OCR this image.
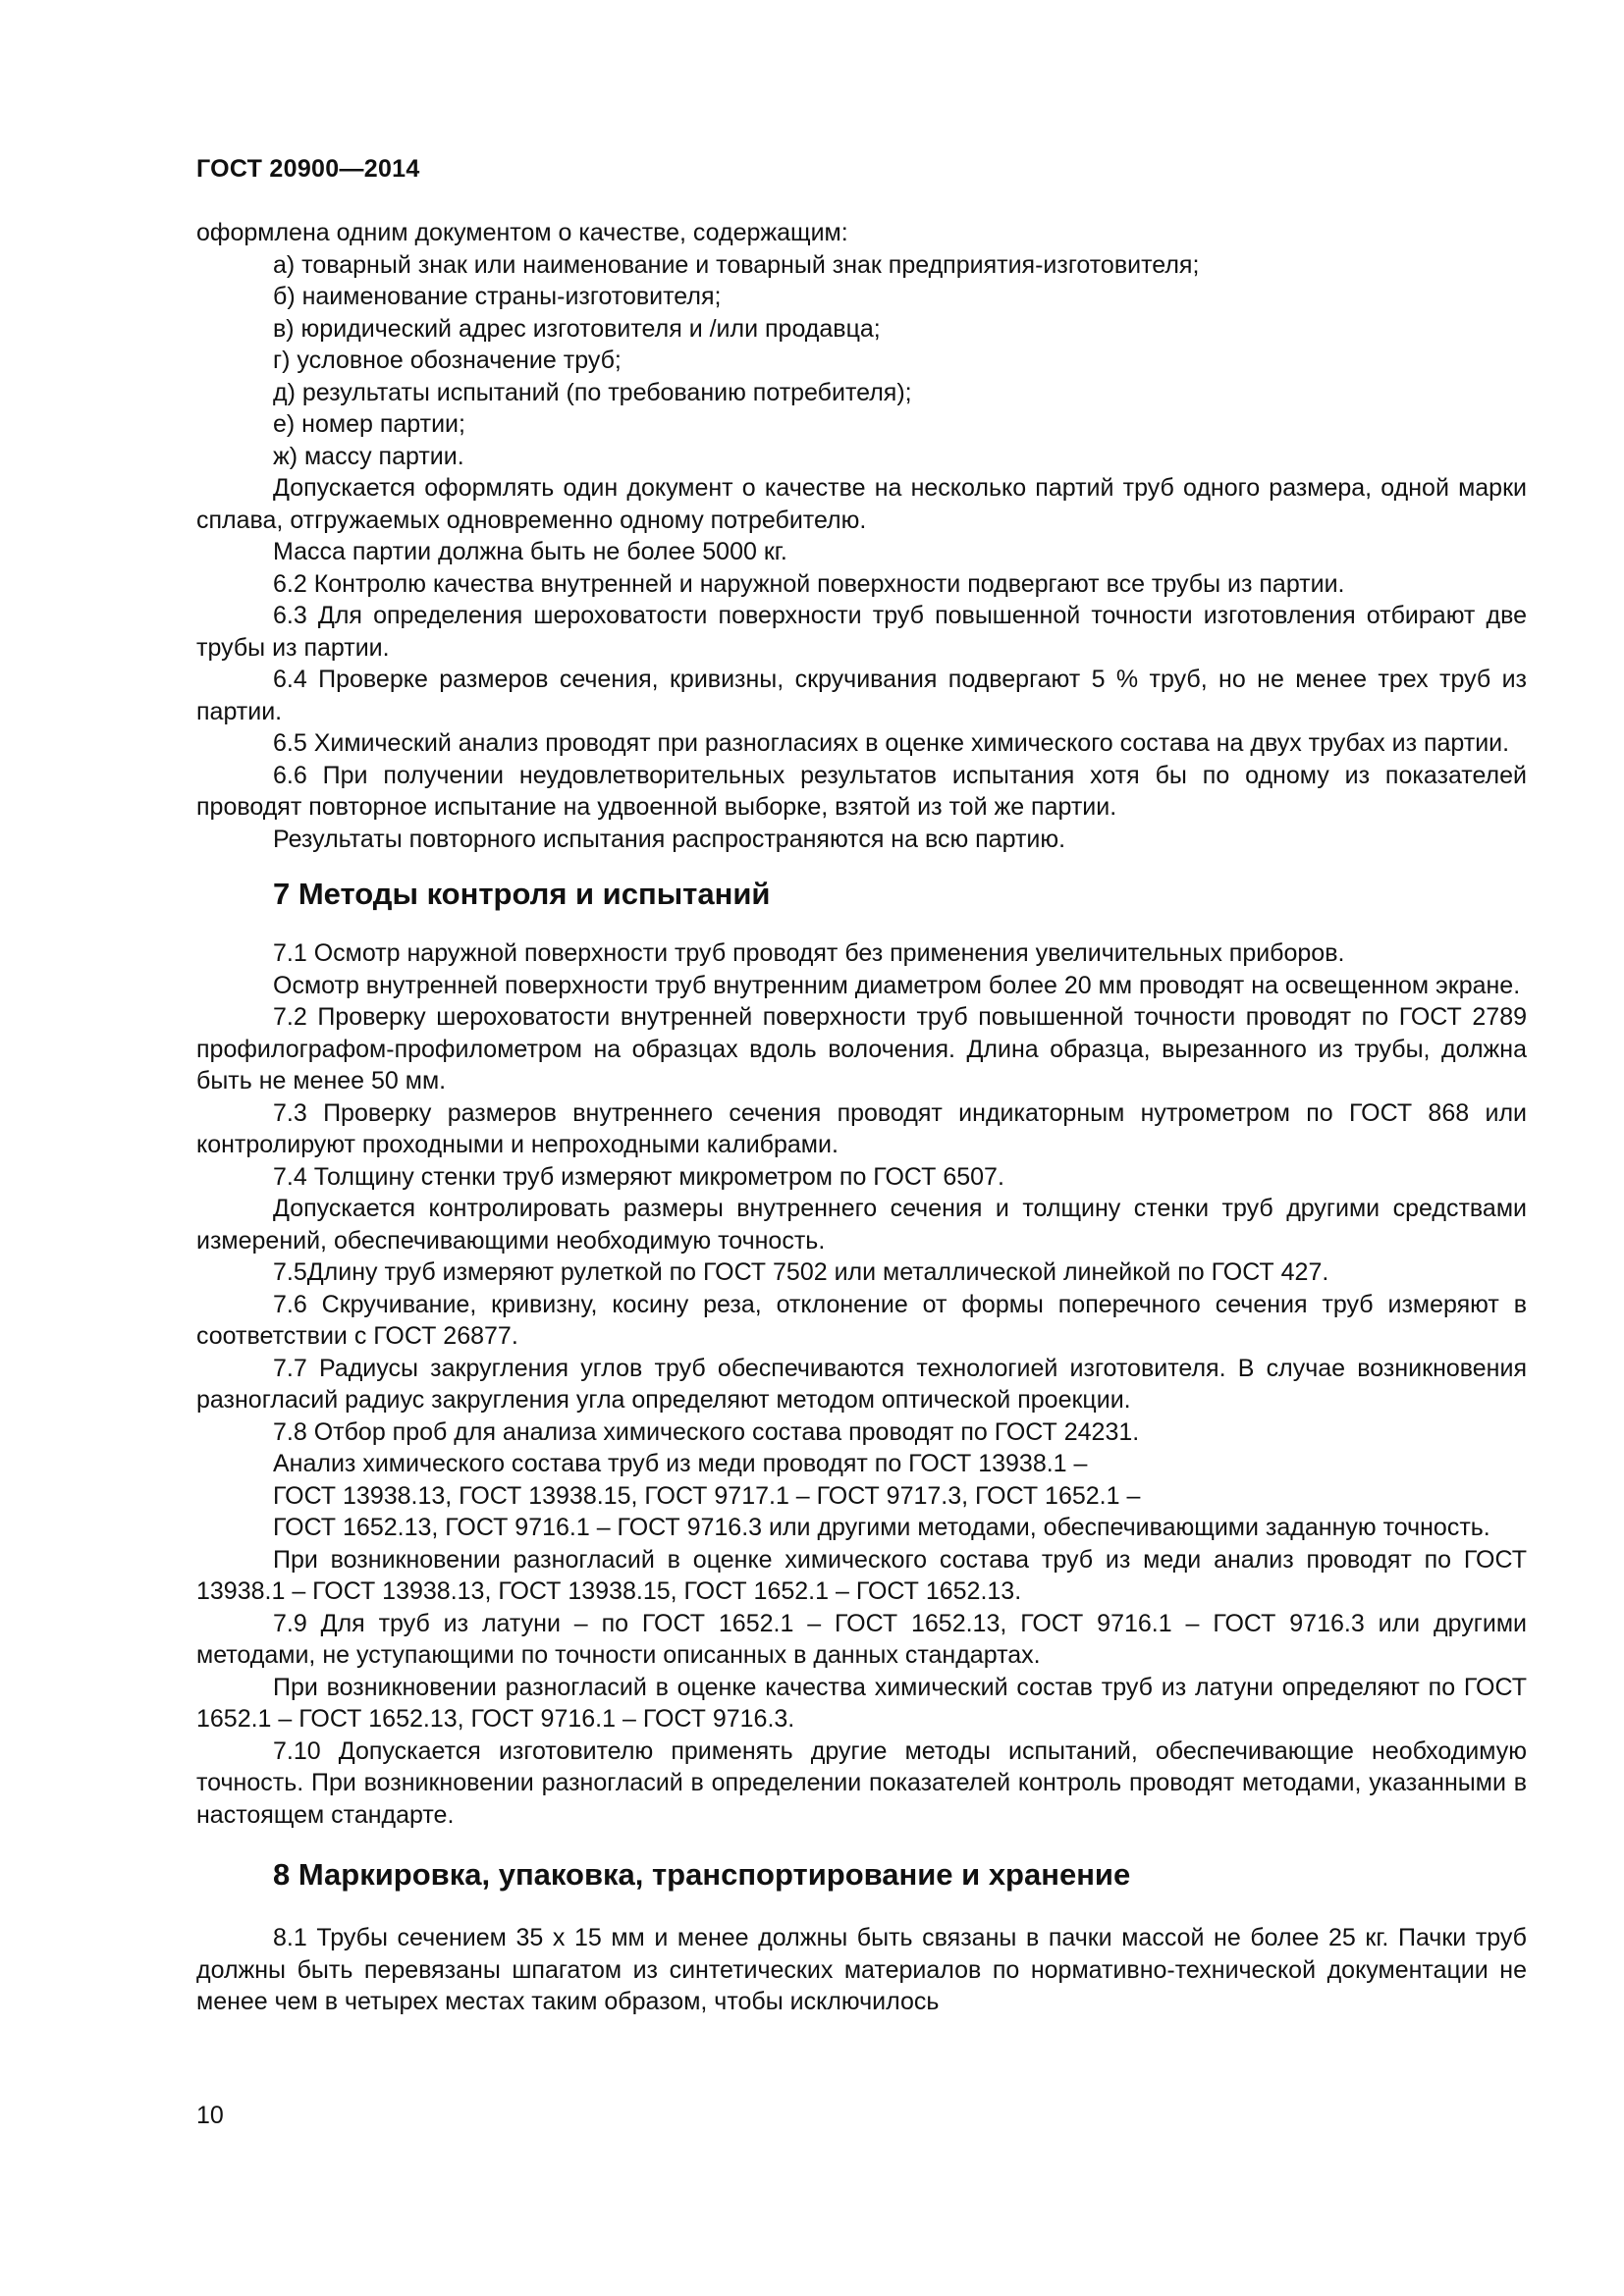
ГОСТ 20900—2014

оформлена одним документом о качестве, содержащим:

а) товарный знак или наименование и товарный знак предприятия-изготовителя;

б) наименование страны-изготовителя;

в) юридический адрес изготовителя и /или продавца;

г) условное обозначение труб;

д) результаты испытаний (по требованию потребителя);

е) номер партии;

ж) массу партии.

Допускается оформлять один документ о качестве на несколько партий труб одного размера, одной марки сплава, отгружаемых одновременно одному потребителю.

Масса партии должна быть не более 5000 кг.

6.2 Контролю качества внутренней и наружной поверхности подвергают все трубы из партии.

6.3 Для определения шероховатости поверхности труб повышенной точности изготовления отбирают две трубы из партии.

6.4 Проверке размеров сечения, кривизны, скручивания подвергают 5 % труб, но не менее трех труб из партии.

6.5 Химический анализ проводят при разногласиях в оценке химического состава на двух трубах из партии.

6.6 При получении неудовлетворительных результатов испытания хотя бы по одному из показателей проводят повторное испытание на удвоенной выборке, взятой из той же партии.

Результаты повторного испытания распространяются на всю партию.

7 Методы контроля и испытаний

7.1 Осмотр наружной поверхности труб проводят без применения увеличительных приборов.

Осмотр внутренней поверхности труб внутренним диаметром более 20 мм проводят на освещенном экране.

7.2 Проверку шероховатости внутренней поверхности труб повышенной точности проводят по ГОСТ 2789 профилографом-профилометром на образцах вдоль волочения. Длина образца, вырезанного из трубы, должна быть не менее 50 мм.

7.3 Проверку размеров внутреннего сечения проводят индикаторным нутрометром по ГОСТ 868 или контролируют проходными и непроходными калибрами.

7.4 Толщину стенки труб измеряют микрометром по ГОСТ 6507.

Допускается контролировать размеры внутреннего сечения и толщину стенки труб другими средствами измерений, обеспечивающими необходимую точность.

7.5Длину труб измеряют рулеткой по ГОСТ 7502 или металлической линейкой по ГОСТ 427.

7.6 Скручивание, кривизну, косину реза, отклонение от формы поперечного сечения труб измеряют в соответствии с ГОСТ 26877.

7.7 Радиусы закругления углов труб обеспечиваются технологией изготовителя. В случае возникновения разногласий радиус закругления угла определяют методом оптической проекции.

7.8 Отбор проб для анализа химического состава проводят по ГОСТ 24231.

Анализ химического состава труб из меди проводят по ГОСТ 13938.1 –

ГОСТ 13938.13, ГОСТ 13938.15, ГОСТ 9717.1 – ГОСТ 9717.3, ГОСТ 1652.1 –

ГОСТ 1652.13, ГОСТ 9716.1 – ГОСТ 9716.3 или другими методами, обеспечивающими заданную точность.

При возникновении разногласий в оценке химического состава труб из меди анализ проводят по ГОСТ 13938.1 – ГОСТ 13938.13, ГОСТ 13938.15, ГОСТ 1652.1 – ГОСТ 1652.13.

7.9 Для труб из латуни – по ГОСТ 1652.1 – ГОСТ 1652.13, ГОСТ 9716.1 – ГОСТ 9716.3 или другими методами, не уступающими по точности описанных в данных стандартах.

При возникновении разногласий в оценке качества химический состав труб из латуни определяют по ГОСТ 1652.1 – ГОСТ 1652.13, ГОСТ 9716.1 – ГОСТ 9716.3.

7.10 Допускается изготовителю применять другие методы испытаний, обеспечивающие необходимую точность. При возникновении разногласий в определении показателей контроль проводят методами, указанными в настоящем стандарте.

8 Маркировка, упаковка, транспортирование и хранение

8.1 Трубы сечением 35 х 15 мм и менее должны быть связаны в пачки массой не более 25 кг. Пачки труб должны быть перевязаны шпагатом из синтетических материалов по нормативно-технической документации не менее чем в четырех местах таким образом, чтобы исключилось

10
